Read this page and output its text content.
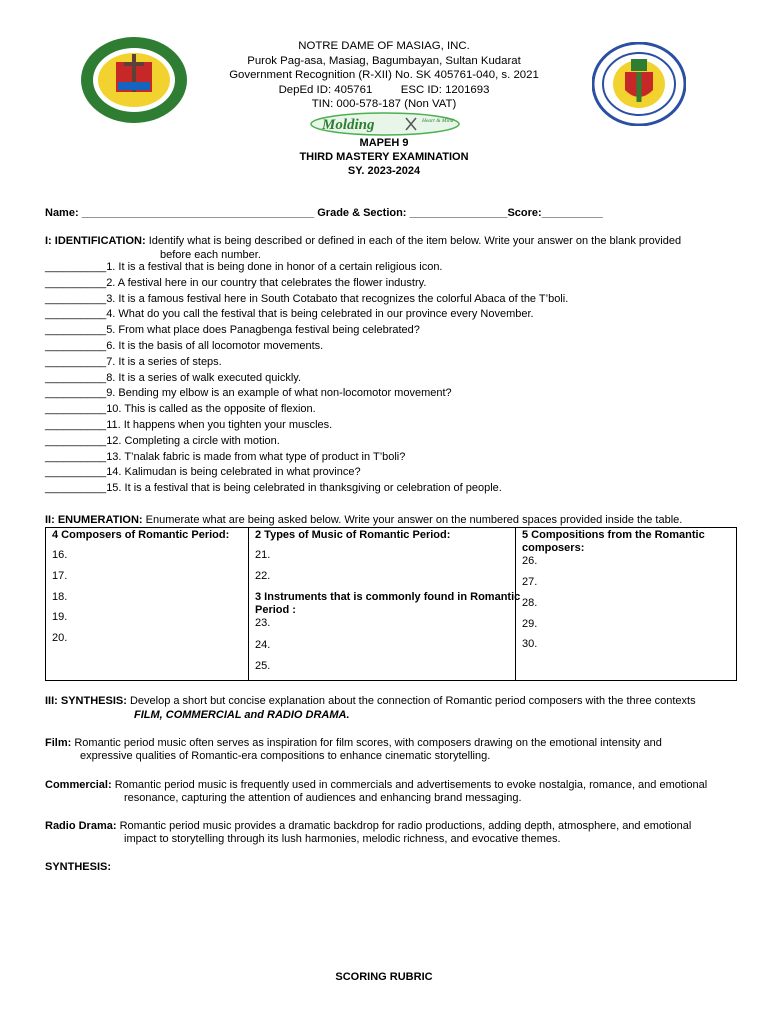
NOTRE DAME OF MASIAG, INC.
Purok Pag-asa, Masiag, Bagumbayan, Sultan Kudarat
Government Recognition (R-XII) No. SK 405761-040, s. 2021
DepEd ID: 405761 ESC ID: 1201693
TIN: 000-578-187 (Non VAT)
Molding	Heart & Mind
MAPEH 9
THIRD MASTERY EXAMINATION
SY. 2023-2024
Name: ______________________________________ Grade & Section: ________________Score:__________
I: IDENTIFICATION: Identify what is being described or defined in each of the item below. Write your answer on the blank provided
before each number.
__________1. It is a festival that is being done in honor of a certain religious icon.
__________2. A festival here in our country that celebrates the flower industry.
__________3. It is a famous festival here in South Cotabato that recognizes the colorful Abaca of the T’boli.
__________4. What do you call the festival that is being celebrated in our province every November.
__________5. From what place does Panagbenga festival being celebrated?
__________6. It is the basis of all locomotor movements.
__________7. It is a series of steps.
__________8. It is a series of walk executed quickly.
__________9. Bending my elbow is an example of what non-locomotor movement?
__________10. This is called as the opposite of flexion.
__________11. It happens when you tighten your muscles.
__________12. Completing a circle with motion.
__________13. T’nalak fabric is made from what type of product in T’boli?
__________14. Kalimudan is being celebrated in what province?
__________15. It is a festival that is being celebrated in thanksgiving or celebration of people.
II: ENUMERATION: Enumerate what are being asked below. Write your answer on the numbered spaces provided inside the table.
4 Composers of Romantic Period:
16.
17.
18.
19.
20.

2 Types of Music of Romantic Period:
21.
22.
3 Instruments that is commonly found in Romantic
Period :
23.
24.
25.

5 Compositions from the Romantic
composers:
26.
27.
28.
29.
30.
III: SYNTHESIS: Develop a short but concise explanation about the connection of Romantic period composers with the three contexts
FILM, COMMERCIAL and RADIO DRAMA.
Film: Romantic period music often serves as inspiration for film scores, with composers drawing on the emotional intensity and
expressive qualities of Romantic-era compositions to enhance cinematic storytelling.
Commercial: Romantic period music is frequently used in commercials and advertisements to evoke nostalgia, romance, and emotional
resonance, capturing the attention of audiences and enhancing brand messaging.
Radio Drama: Romantic period music provides a dramatic backdrop for radio productions, adding depth, atmosphere, and emotional
impact to storytelling through its lush harmonies, melodic richness, and evocative themes.
SYNTHESIS:
SCORING RUBRIC
